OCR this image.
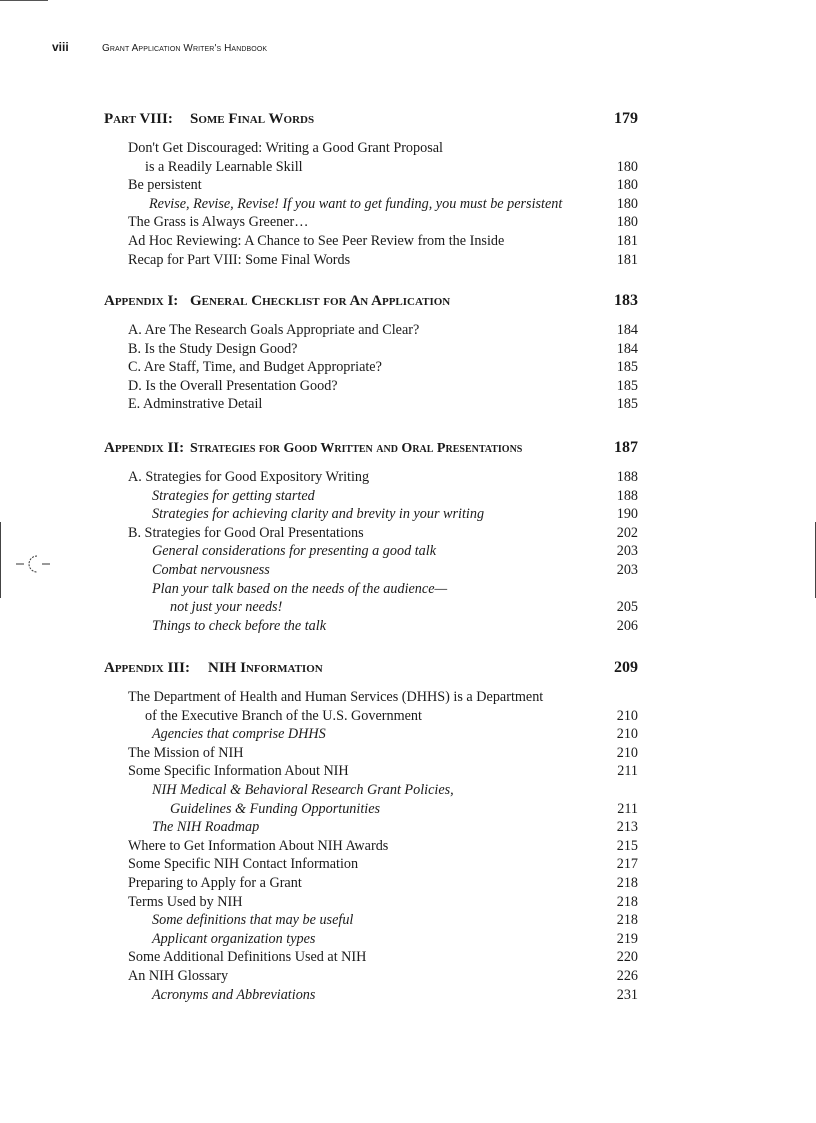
viii	Grant Application Writer's Handbook
Part VIII:	Some Final Words	179
Don't Get Discouraged: Writing a Good Grant Proposal
is a Readily Learnable Skill	180
Be persistent	180
Revise, Revise, Revise! If you want to get funding, you must be persistent	180
The Grass is Always Greener…	180
Ad Hoc Reviewing: A Chance to See Peer Review from the Inside	181
Recap for Part VIII: Some Final Words	181
Appendix I: General Checklist for An Application	183
A. Are The Research Goals Appropriate and Clear?	184
B. Is the Study Design Good?	184
C. Are Staff, Time, and Budget Appropriate?	185
D. Is the Overall Presentation Good?	185
E. Adminstrative Detail	185
Appendix II: Strategies for Good Written and Oral Presentations	187
A. Strategies for Good Expository Writing	188
Strategies for getting started	188
Strategies for achieving clarity and brevity in your writing	190
B. Strategies for Good Oral Presentations	202
General considerations for presenting a good talk	203
Combat nervousness	203
Plan your talk based on the needs of the audience—
not just your needs!	205
Things to check before the talk	206
Appendix III:	NIH Information	209
The Department of Health and Human Services (DHHS) is a Department
of the Executive Branch of the U.S. Government	210
Agencies that comprise DHHS	210
The Mission of NIH	210
Some Specific Information About NIH	211
NIH Medical & Behavioral Research Grant Policies,
Guidelines & Funding Opportunities	211
The NIH Roadmap	213
Where to Get Information About NIH Awards	215
Some Specific NIH Contact Information	217
Preparing to Apply for a Grant	218
Terms Used by NIH	218
Some definitions that may be useful	218
Applicant organization types	219
Some Additional Definitions Used at NIH	220
An NIH Glossary	226
Acronyms and Abbreviations	231
